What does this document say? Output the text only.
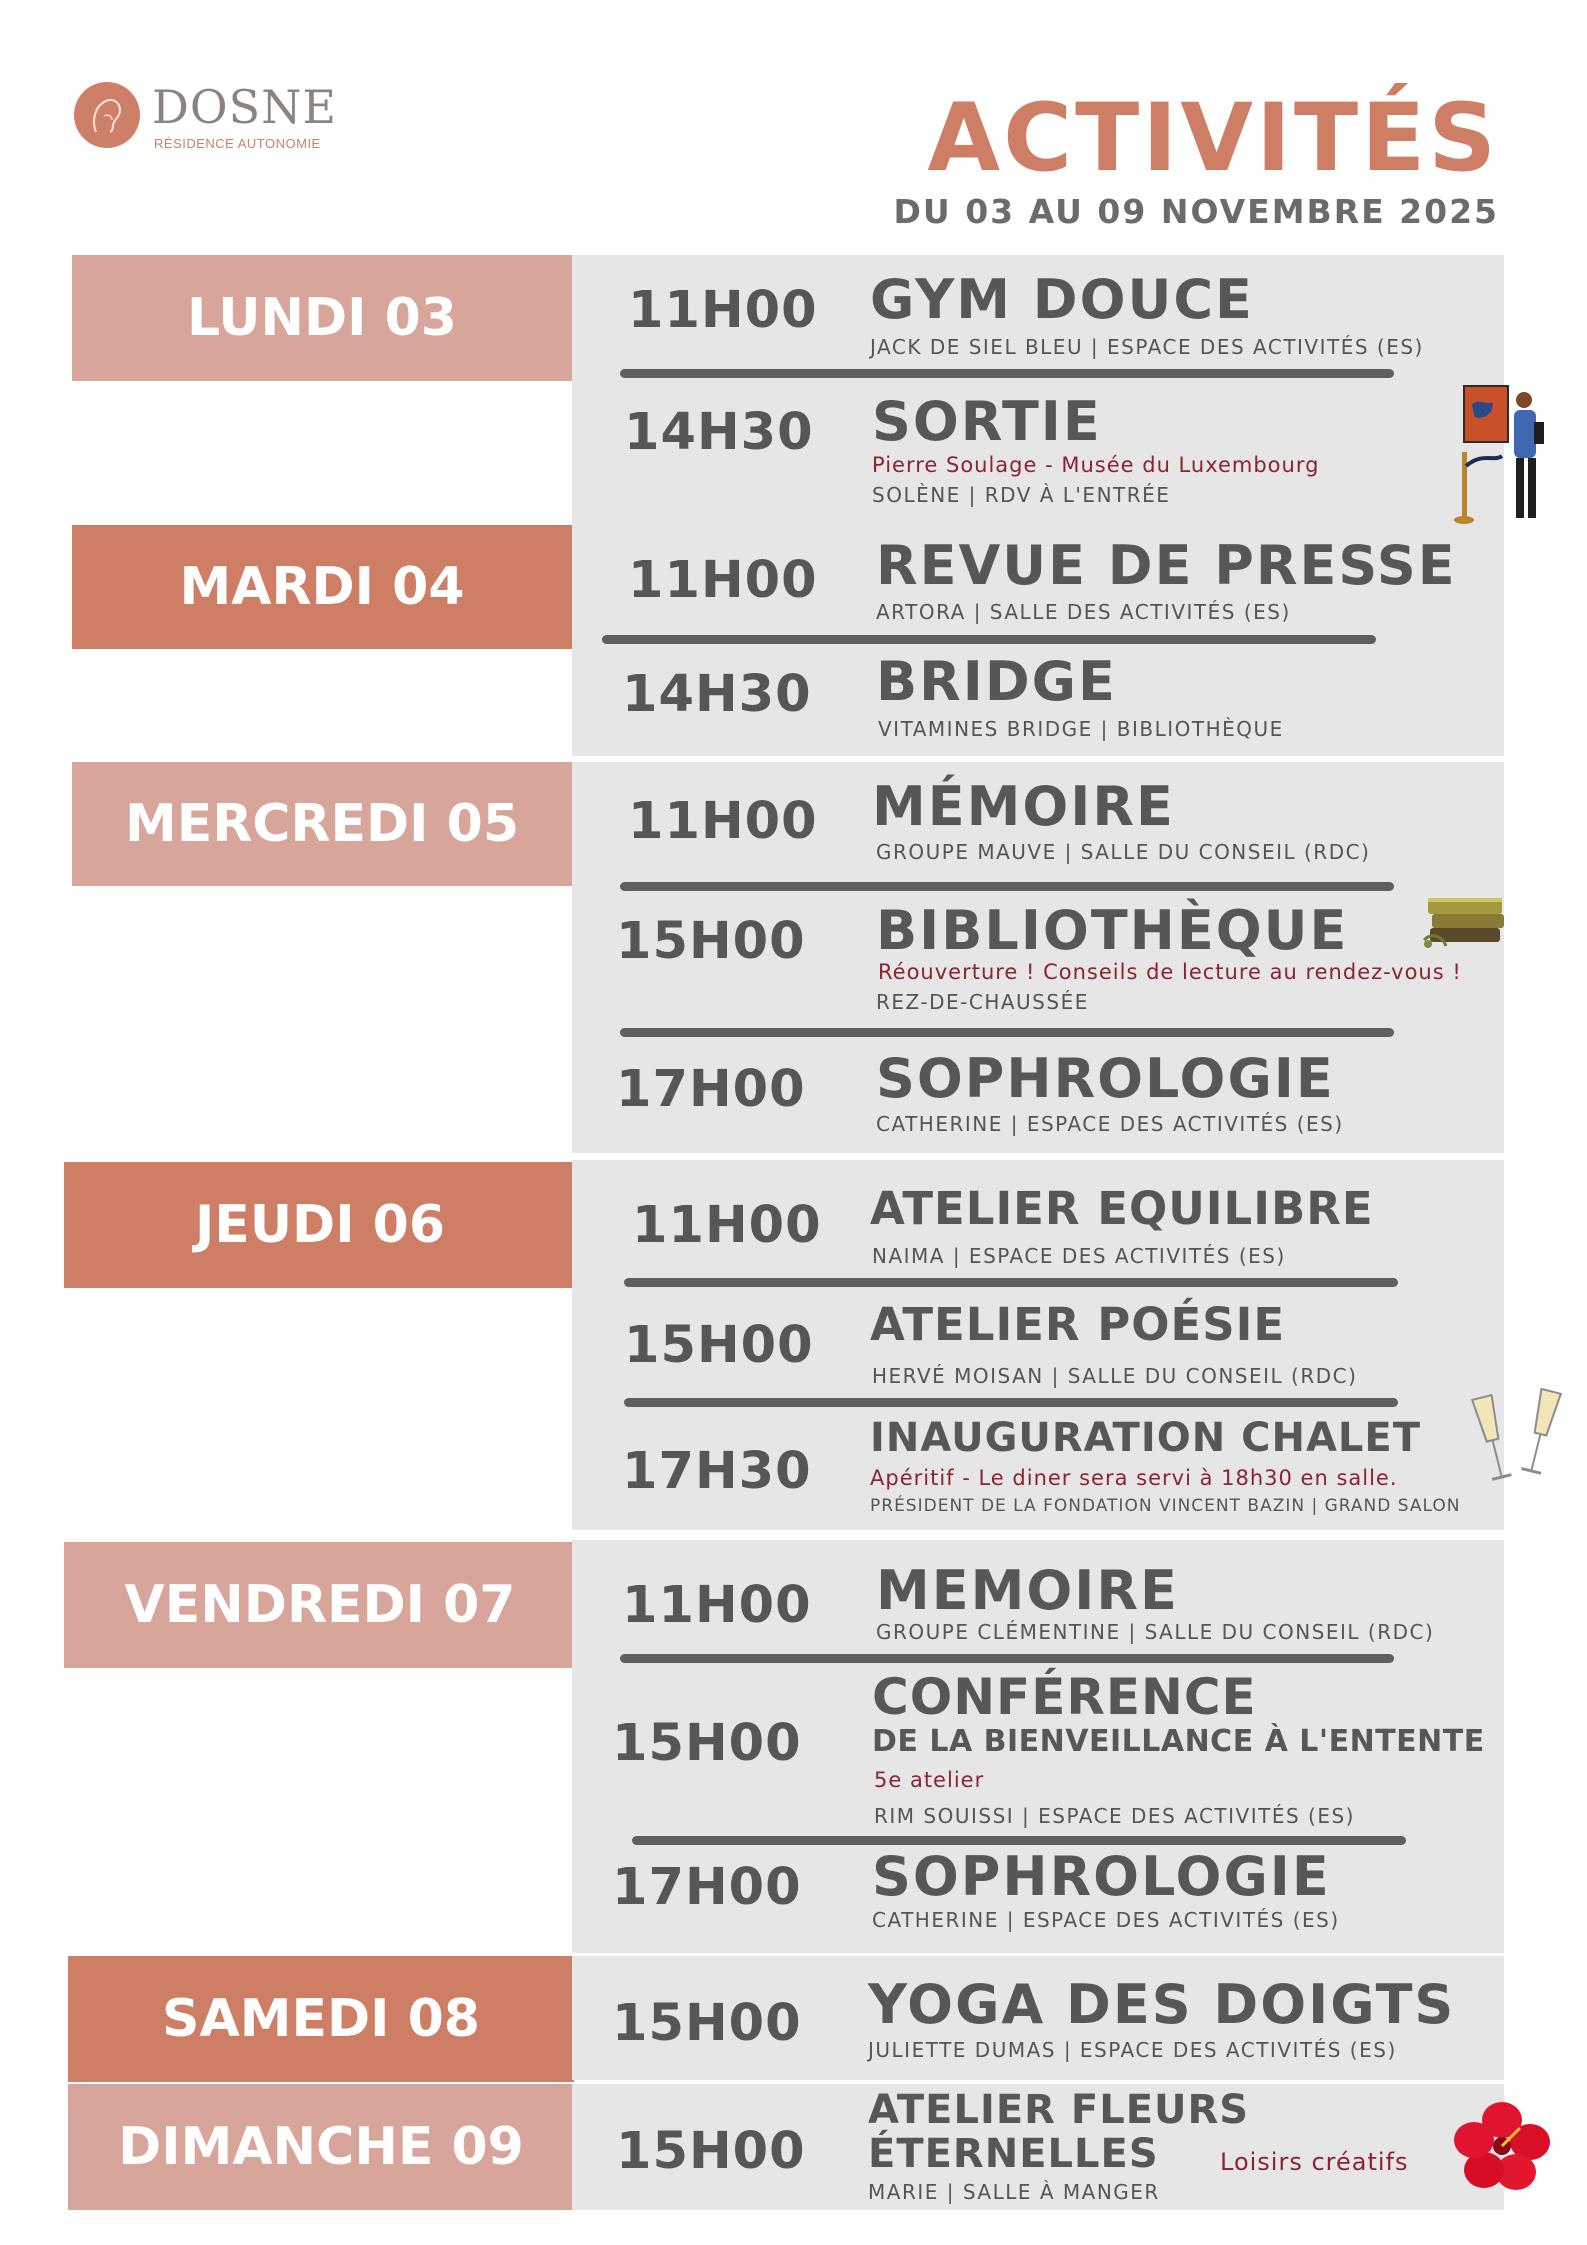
DOSNE
RÉSIDENCE AUTONOMIE	ACTIVITÉS
DU 03 AU 09 NOVEMBRE 2025
LUNDI 03	11H00 GYM DOUCE
JACK DE SIEL BLEU | ESPACE DES ACTIVITÉS (ES)
14H30 SORTIE
Pierre Soulage - Musée du Luxembourg
SOLÈNE | RDV À L'ENTRÉE
MARDI 04	11H00 REVUE DE PRESSE
ARTORA | SALLE DES ACTIVITÉS (ES)
14H30 BRIDGE
VITAMINES BRIDGE | BIBLIOTHÈQUE
MERCREDI 05	11H00 MÉMOIRE
GROUPE MAUVE | SALLE DU CONSEIL (RDC)
15H00 BIBLIOTHÈQUE
Réouverture ! Conseils de lecture au rendez-vous !
REZ-DE-CHAUSSÉE
17H00 SOPHROLOGIE
CATHERINE | ESPACE DES ACTIVITÉS (ES)
JEUDI 06	11H00 ATELIER EQUILIBRE
NAIMA | ESPACE DES ACTIVITÉS (ES)
15H00 ATELIER POÉSIE
HERVÉ MOISAN | SALLE DU CONSEIL (RDC)
17H30
INAUGURATION CHALET
Apéritif - Le diner sera servi à 18h30 en salle.
PRÉSIDENT DE LA FONDATION VINCENT BAZIN | GRAND SALON
VENDREDI 07	11H00 MEMOIRE
GROUPE CLÉMENTINE | SALLE DU CONSEIL (RDC)
15H00
CONFÉRENCE
DE LA BIENVEILLANCE À L'ENTENTE
5e atelier
RIM SOUISSI | ESPACE DES ACTIVITÉS (ES)
17H00 SOPHROLOGIE
CATHERINE | ESPACE DES ACTIVITÉS (ES)
SAMEDI 08	15H00 YOGA DES DOIGTS
JULIETTE DUMAS | ESPACE DES ACTIVITÉS (ES)
DIMANCHE 09	15H00
ATELIER FLEURS
ÉTERNELLES	Loisirs créatifs
MARIE | SALLE À MANGER
